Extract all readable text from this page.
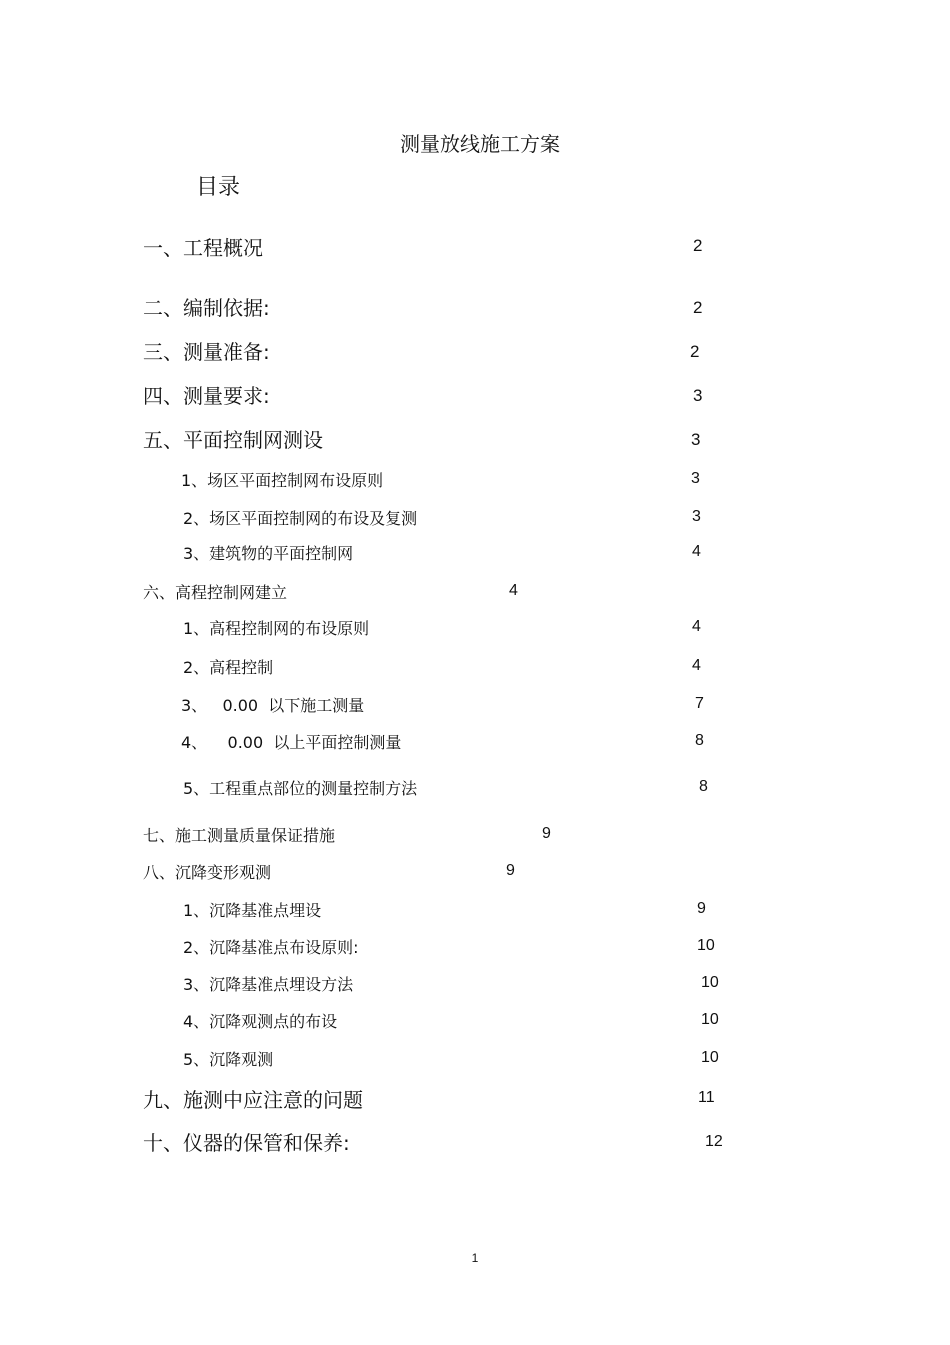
测量放线施工方案
目录
一、工程概况	2
二、编制依据:	2
三、测量准备:	2
四、测量要求:	3
五、平面控制网测设	3
1、场区平面控制网布设原则	3
2、场区平面控制网的布设及复测	3
3、建筑物的平面控制网	4
六、高程控制网建立	4
1、高程控制网的布设原则	4
2、高程控制	4
3、   0.00  以下施工测量	7
4、    0.00  以上平面控制测量	8
5、工程重点部位的测量控制方法	8
七、施工测量质量保证措施	9
八、沉降变形观测	9
1、沉降基准点埋设	9
2、沉降基准点布设原则:	10
3、沉降基准点埋设方法	10
4、沉降观测点的布设	10
5、沉降观测	10
九、施测中应注意的问题	11
十、仪器的保管和保养:	12
1
